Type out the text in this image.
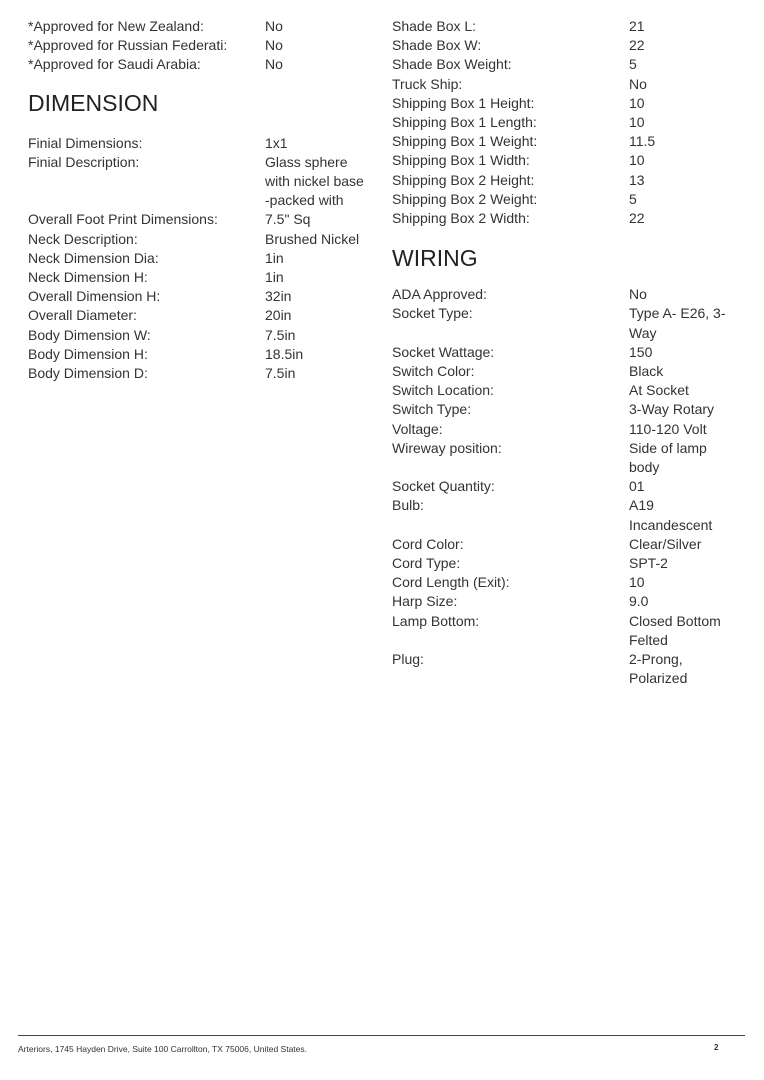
*Approved for New Zealand:	No
*Approved for Russian Federati:	No
*Approved for Saudi Arabia:	No
DIMENSION
Finial Dimensions:	1x1
Finial Description:	Glass sphere with nickel base -packed with
Overall Foot Print Dimensions:	7.5" Sq
Neck Description:	Brushed Nickel
Neck Dimension Dia:	1in
Neck Dimension H:	1in
Overall Dimension H:	32in
Overall Diameter:	20in
Body Dimension W:	7.5in
Body Dimension H:	18.5in
Body Dimension D:	7.5in
Shade Box L:	21
Shade Box W:	22
Shade Box Weight:	5
Truck Ship:	No
Shipping Box 1 Height:	10
Shipping Box 1 Length:	10
Shipping Box 1 Weight:	11.5
Shipping Box 1 Width:	10
Shipping Box 2 Height:	13
Shipping Box 2 Weight:	5
Shipping Box 2 Width:	22
WIRING
ADA Approved:	No
Socket Type:	Type A- E26, 3-Way
Socket Wattage:	150
Switch Color:	Black
Switch Location:	At Socket
Switch Type:	3-Way Rotary
Voltage:	110-120 Volt
Wireway position:	Side of lamp body
Socket Quantity:	01
Bulb:	A19 Incandescent
Cord Color:	Clear/Silver
Cord Type:	SPT-2
Cord Length (Exit):	10
Harp Size:	9.0
Lamp Bottom:	Closed Bottom Felted
Plug:	2-Prong, Polarized
Arteriors, 1745 Hayden Drive, Suite 100 Carrollton, TX 75006, United States.	2
